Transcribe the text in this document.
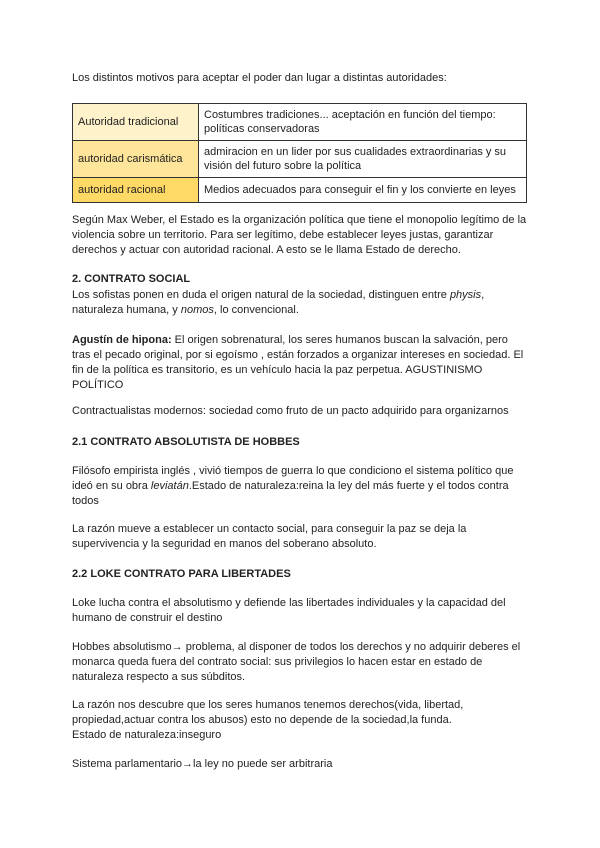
Los distintos motivos para aceptar el poder dan lugar a distintas autoridades:

Autoridad tradicional	Costumbres tradiciones... aceptación en función del tiempo: políticas conservadoras
autoridad carismática	admiracion en un lider por sus cualidades extraordinarias y su visión del futuro sobre la política
autoridad racional	Medios adecuados para conseguir el fin y los convierte en leyes

Según Max Weber, el Estado es la organización política que tiene el monopolio legítimo de la violencia sobre un territorio. Para ser legítimo, debe establecer leyes justas, garantizar derechos y actuar con autoridad racional. A esto se le llama Estado de derecho.

2. CONTRATO SOCIAL

Los sofistas ponen en duda el origen natural de la sociedad, distinguen entre physis, naturaleza humana, y nomos, lo convencional.

Agustín de hipona: El origen sobrenatural, los seres humanos buscan la salvación, pero tras el pecado original, por si egoísmo , están forzados a organizar intereses en sociedad. El fin de la política es transitorio, es un vehículo hacia la paz perpetua. AGUSTINISMO POLÍTICO

Contractualistas modernos: sociedad como fruto de un pacto adquirido para organizarnos

2.1 CONTRATO ABSOLUTISTA DE HOBBES

Filósofo empirista inglés , vivió tiempos de guerra lo que condiciono el sistema político que ideó en su obra leviatán.Estado de naturaleza:reina la ley del más fuerte y el todos contra todos

La razón mueve a establecer un contacto social, para conseguir la paz se deja la supervivencia y la seguridad en manos del soberano absoluto.

2.2 LOKE CONTRATO PARA LIBERTADES

Loke lucha contra el absolutismo y defiende las libertades individuales y la capacidad del humano de construir el destino

Hobbes absolutismo→ problema, al disponer de todos los derechos y no adquirir deberes el monarca queda fuera del contrato social: sus privilegios lo hacen estar en estado de naturaleza respecto a sus súbditos.

La razón nos descubre que los seres humanos tenemos derechos(vida, libertad, propiedad,actuar contra los abusos) esto no depende de la sociedad,la funda.

Estado de naturaleza:inseguro

Sistema parlamentario→la ley no puede ser arbitraria
